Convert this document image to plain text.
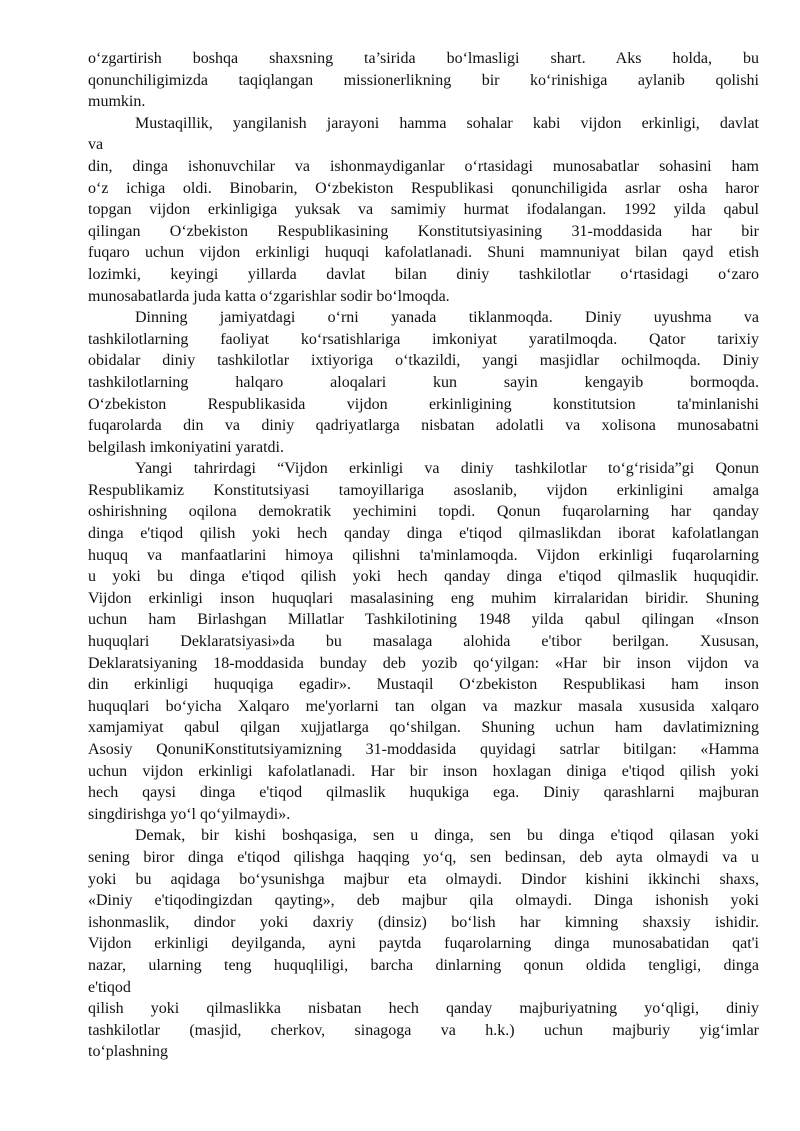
o‘zgartirish boshqa shaxsning ta’sirida bo‘lmasligi shart. Aks holda, bu
qonunchiligimizda taqiqlangan missionerlikning bir ko‘rinishiga aylanib qolishi
mumkin.
Mustaqillik, yangilanish jarayoni hamma sohalar kabi vijdon erkinligi, davlat
va
din, dinga ishonuvchilar va ishonmaydiganlar o‘rtasidagi munosabatlar sohasini ham
o‘z ichiga oldi. Binobarin, O‘zbekiston Respublikasi qonunchiligida asrlar osha haror
topgan vijdon erkinligiga yuksak va samimiy hurmat ifodalangan. 1992 yilda qabul
qilingan O‘zbekiston Respublikasining Konstitutsiyasining 31-moddasida har bir
fuqaro uchun vijdon erkinligi huquqi kafolatlanadi. Shuni mamnuniyat bilan qayd etish
lozimki, keyingi yillarda davlat bilan diniy tashkilotlar o‘rtasidagi o‘zaro
munosabatlarda juda katta o‘zgarishlar sodir bo‘lmoqda.
Dinning jamiyatdagi o‘rni yanada tiklanmoqda. Diniy uyushma va
tashkilotlarning faoliyat ko‘rsatishlariga imkoniyat yaratilmoqda. Qator tarixiy
obidalar diniy tashkilotlar ixtiyoriga o‘tkazildi, yangi masjidlar ochilmoqda. Diniy
tashkilotlarning halqaro aloqalari kun sayin kengayib bormoqda.
O‘zbekiston Respublikasida vijdon erkinligining konstitutsion ta'minlanishi
fuqarolarda din va diniy qadriyatlarga nisbatan adolatli va xolisona munosabatni
belgilash imkoniyatini yaratdi.
Yangi tahrirdagi “Vijdon erkinligi va diniy tashkilotlar to‘g‘risida”gi Qonun
Respublikamiz Konstitutsiyasi tamoyillariga asoslanib, vijdon erkinligini amalga
oshirishning oqilona demokratik yechimini topdi. Qonun fuqarolarning har qanday
dinga e'tiqod qilish yoki hech qanday dinga e'tiqod qilmaslikdan iborat kafolatlangan
huquq va manfaatlarini himoya qilishni ta'minlamoqda. Vijdon erkinligi fuqarolarning
u yoki bu dinga e'tiqod qilish yoki hech qanday dinga e'tiqod qilmaslik huquqidir.
Vijdon erkinligi inson huquqlari masalasining eng muhim kirralaridan biridir. Shuning
uchun ham Birlashgan Millatlar Tashkilotining 1948 yilda qabul qilingan «Inson
huquqlari Deklaratsiyasi»da bu masalaga alohida e'tibor berilgan. Xususan,
Deklaratsiyaning 18-moddasida bunday deb yozib qo‘yilgan: «Har bir inson vijdon va
din erkinligi huquqiga egadir». Mustaqil O‘zbekiston Respublikasi ham inson
huquqlari bo‘yicha Xalqaro me'yorlarni tan olgan va mazkur masala xususida xalqaro
xamjamiyat qabul qilgan xujjatlarga qo‘shilgan. Shuning uchun ham davlatimizning
Asosiy QonuniKonstitutsiyamizning 31-moddasida quyidagi satrlar bitilgan: «Hamma
uchun vijdon erkinligi kafolatlanadi. Har bir inson hoxlagan diniga e'tiqod qilish yoki
hech qaysi dinga e'tiqod qilmaslik huqukiga ega. Diniy qarashlarni majburan
singdirishga yo‘l qo‘yilmaydi».
Demak, bir kishi boshqasiga, sen u dinga, sen bu dinga e'tiqod qilasan yoki
sening biror dinga e'tiqod qilishga haqqing yo‘q, sen bedinsan, deb ayta olmaydi va u
yoki bu aqidaga bo‘ysunishga majbur eta olmaydi. Dindor kishini ikkinchi shaxs,
«Diniy e'tiqodingizdan qayting», deb majbur qila olmaydi. Dinga ishonish yoki
ishonmaslik, dindor yoki daxriy (dinsiz) bo‘lish har kimning shaxsiy ishidir.
Vijdon erkinligi deyilganda, ayni paytda fuqarolarning dinga munosabatidan qat'i
nazar, ularning teng huquqliligi, barcha dinlarning qonun oldida tengligi, dinga
e'tiqod
qilish yoki qilmaslikka nisbatan hech qanday majburiyatning yo‘qligi, diniy
tashkilotlar (masjid, cherkov, sinagoga va h.k.) uchun majburiy yig‘imlar
to‘plashning
